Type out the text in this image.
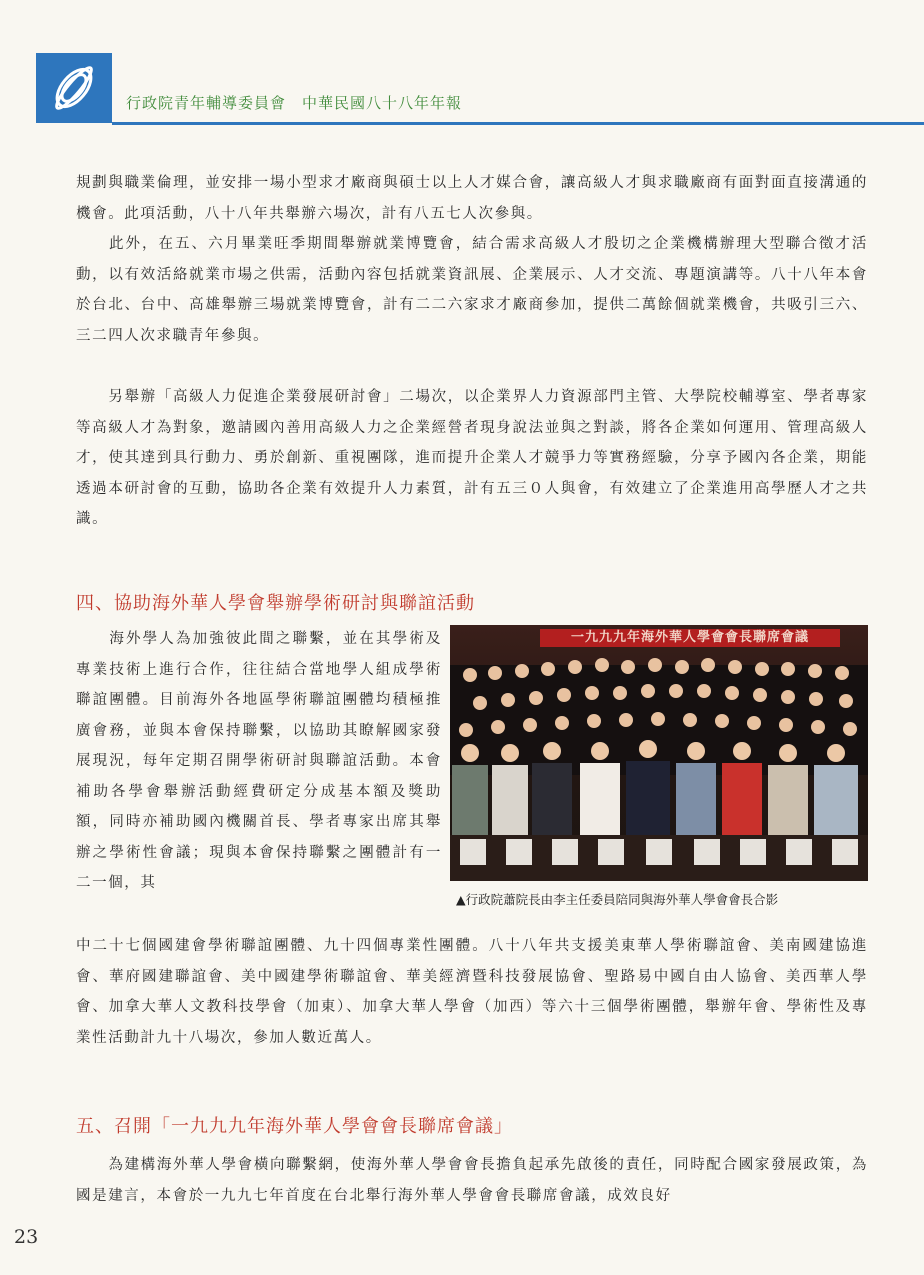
行政院青年輔導委員會　中華民國八十八年年報

規劃與職業倫理，並安排一場小型求才廠商與碩士以上人才媒合會，讓高級人才與求職廠商有面對面直接溝通的機會。此項活動，八十八年共舉辦六場次，計有八五七人次參與。

　　此外，在五、六月畢業旺季期間舉辦就業博覽會，結合需求高級人才殷切之企業機構辦理大型聯合徵才活動，以有效活絡就業市場之供需，活動內容包括就業資訊展、企業展示、人才交流、專題演講等。八十八年本會於台北、台中、高雄舉辦三場就業博覽會，計有二二六家求才廠商參加，提供二萬餘個就業機會，共吸引三六、三二四人次求職青年參與。

　　另舉辦「高級人力促進企業發展研討會」二場次，以企業界人力資源部門主管、大學院校輔導室、學者專家等高級人才為對象，邀請國內善用高級人力之企業經營者現身說法並與之對談，將各企業如何運用、管理高級人才，使其達到具行動力、勇於創新、重視團隊，進而提升企業人才競爭力等實務經驗，分享予國內各企業，期能透過本研討會的互動，協助各企業有效提升人力素質，計有五三０人與會，有效建立了企業進用高學歷人才之共識。

四、協助海外華人學會舉辦學術研討與聯誼活動

　　海外學人為加強彼此間之聯繫，並在其學術及專業技術上進行合作，往往結合當地學人組成學術聯誼團體。目前海外各地區學術聯誼團體均積極推廣會務，並與本會保持聯繫，以協助其瞭解國家發展現況，每年定期召開學術研討與聯誼活動。本會補助各學會舉辦活動經費研定分成基本額及獎助額，同時亦補助國內機關首長、學者專家出席其舉辦之學術性會議；現與本會保持聯繫之團體計有一二一個，其

一九九九年海外華人學會會長聯席會議
▲行政院蕭院長由李主任委員陪同與海外華人學會會長合影

中二十七個國建會學術聯誼團體、九十四個專業性團體。八十八年共支援美東華人學術聯誼會、美南國建協進會、華府國建聯誼會、美中國建學術聯誼會、華美經濟暨科技發展協會、聖路易中國自由人協會、美西華人學會、加拿大華人文教科技學會（加東）、加拿大華人學會（加西）等六十三個學術團體，舉辦年會、學術性及專業性活動計九十八場次，參加人數近萬人。

五、召開「一九九九年海外華人學會會長聯席會議」

　　為建構海外華人學會橫向聯繫網，使海外華人學會會長擔負起承先啟後的責任，同時配合國家發展政策，為國是建言，本會於一九九七年首度在台北舉行海外華人學會會長聯席會議，成效良好

23
